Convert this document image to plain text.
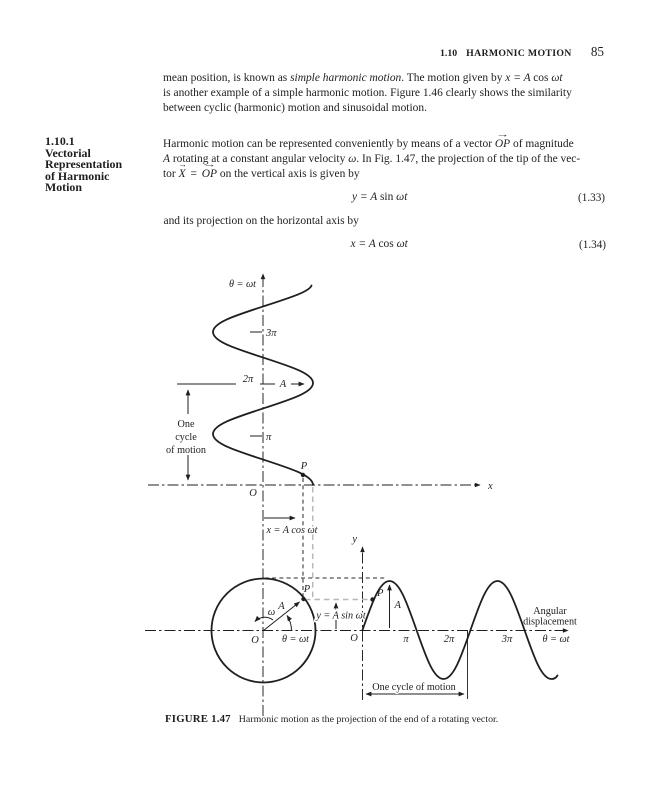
1.10 HARMONIC MOTION 85
mean position, is known as simple harmonic motion. The motion given by x = A cos ωt
is another example of a simple harmonic motion. Figure 1.46 clearly shows the similarity
between cyclic (harmonic) motion and sinusoidal motion.
1.10.1
Vectorial
Representation
of Harmonic
Motion
Harmonic motion can be represented conveniently by means of a vector OP → of magnitude
A rotating at a constant angular velocity ω. In Fig. 1.47, the projection of the tip of the vec-
tor X → = OP → on the vertical axis is given by
y = A sin ωt	(1.33)
and its projection on the horizontal axis by
x = A cos ωt	(1.34)
θ = ωt
3π
2π	A
π
One
cycle
of motion
O
P
x
x = A cos ωt
P
A
ω
θ = ωt
O
y = A sin ωt
y
O
P
A
π	2π	3π
Angular
displacement
θ = ωt
One cycle of motion
FIGURE 1.47 Harmonic motion as the projection of the end of a rotating vector.
